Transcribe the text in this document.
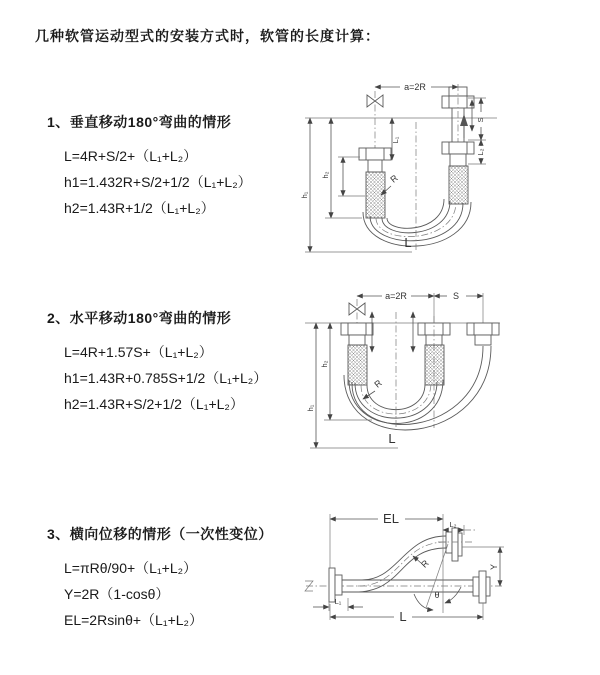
几种软管运动型式的安装方式时，软管的长度计算：
1、垂直移动180°弯曲的情形
L=4R+S/2+（L₁+L₂）
h1=1.432R+S/2+1/2（L₁+L₂）
h2=1.43R+1/2（L₁+L₂）
2、水平移动180°弯曲的情形
L=4R+1.57S+（L₁+L₂）
h1=1.43R+0.785S+1/2（L₁+L₂）
h2=1.43R+S/2+1/2（L₁+L₂）
3、横向位移的情形（一次性变位）
L=πRθ/90+（L₁+L₂）
Y=2R（1-cosθ）
EL=2Rsinθ+（L₁+L₂）
L₁
a=2R
S
L₂
h₁
h₂	R
L
a=2R	S
h₁
h₂
R
L
EL	L₂
Y
L
L₁
θ
R
